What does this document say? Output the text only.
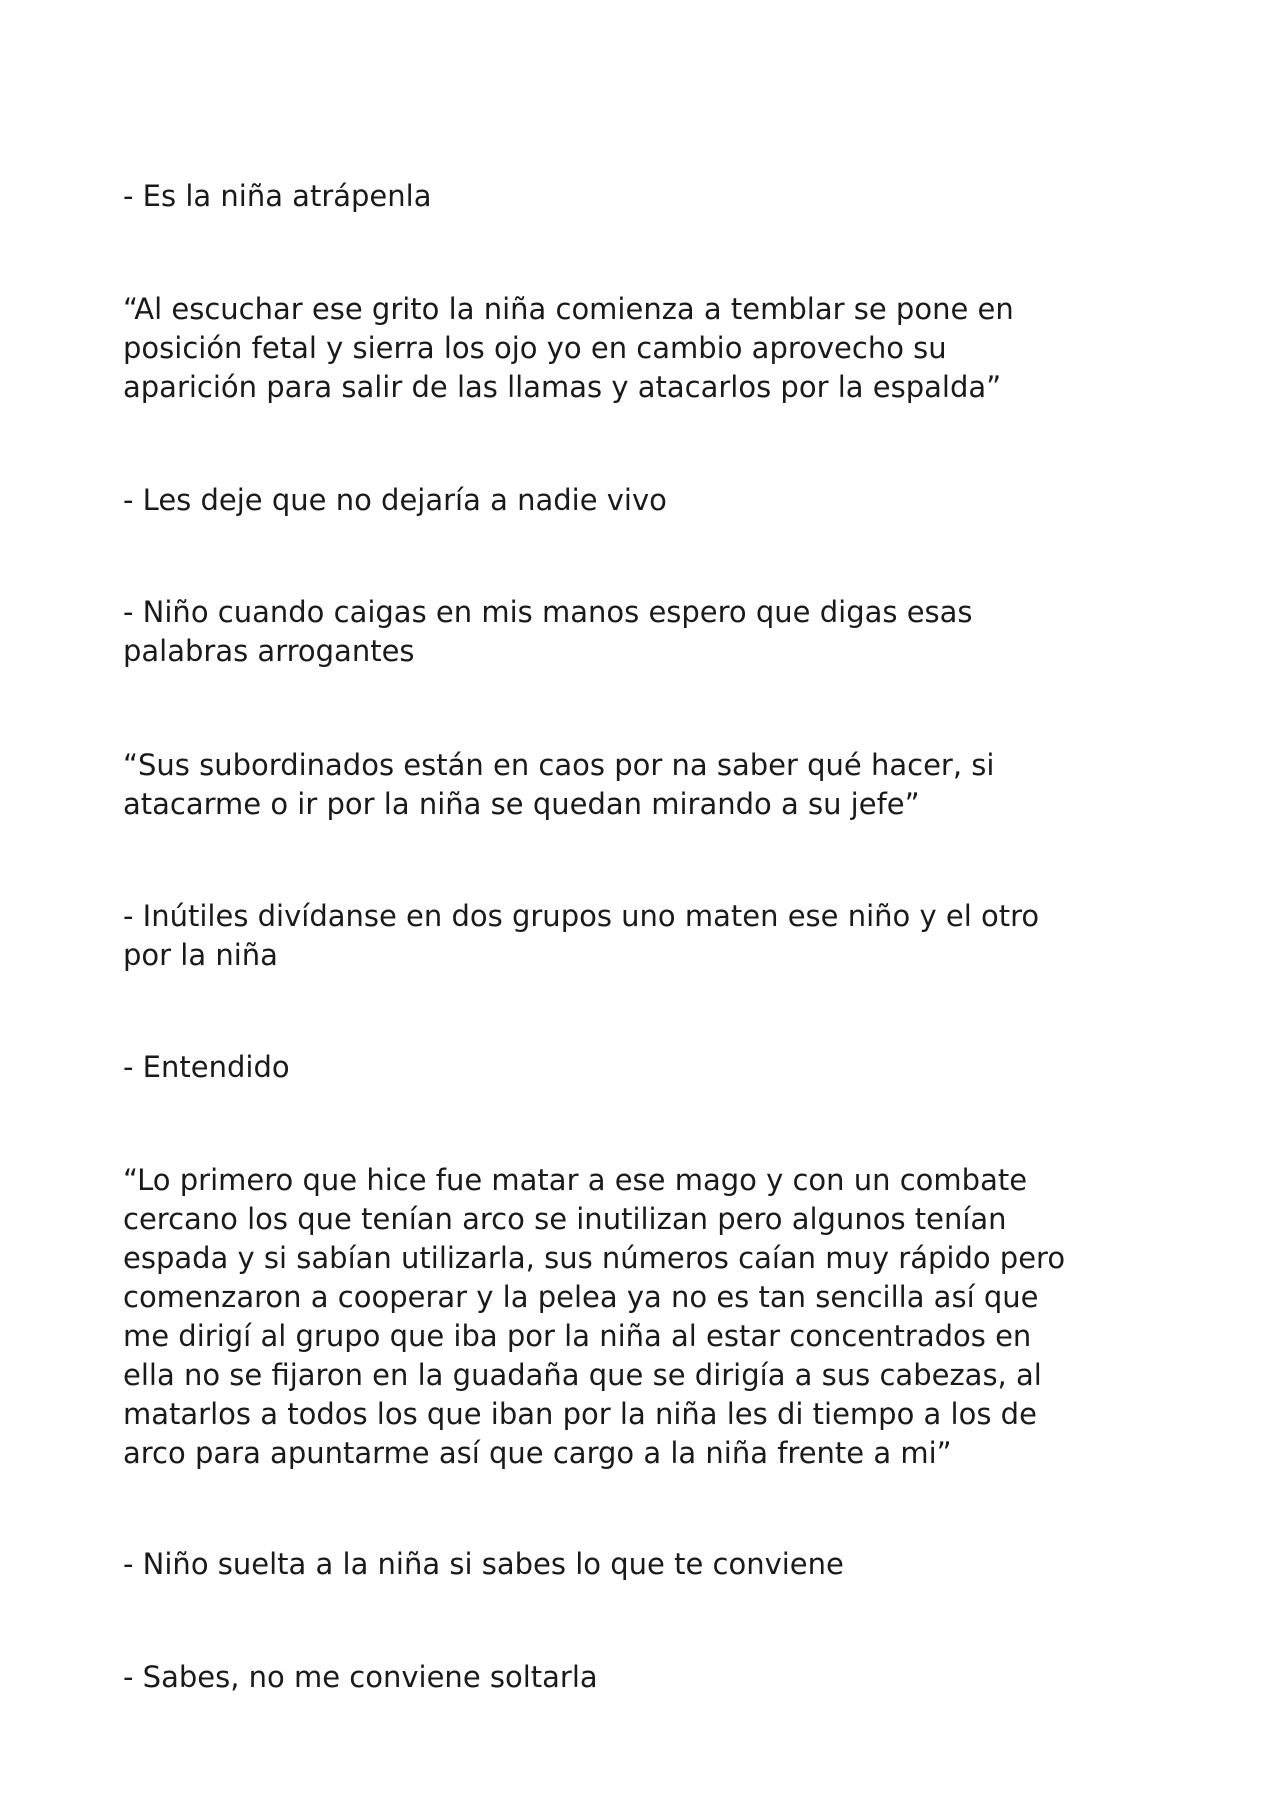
- Es la niña atrápenla

“Al escuchar ese grito la niña comienza a temblar se pone en
posición fetal y sierra los ojo yo en cambio aprovecho su
aparición para salir de las llamas y atacarlos por la espalda”

- Les deje que no dejaría a nadie vivo

- Niño cuando caigas en mis manos espero que digas esas
palabras arrogantes

“Sus subordinados están en caos por na saber qué hacer, si
atacarme o ir por la niña se quedan mirando a su jefe”

- Inútiles divídanse en dos grupos uno maten ese niño y el otro
por la niña

- Entendido

“Lo primero que hice fue matar a ese mago y con un combate
cercano los que tenían arco se inutilizan pero algunos tenían
espada y si sabían utilizarla, sus números caían muy rápido pero
comenzaron a cooperar y la pelea ya no es tan sencilla así que
me dirigí al grupo que iba por la niña al estar concentrados en
ella no se fijaron en la guadaña que se dirigía a sus cabezas, al
matarlos a todos los que iban por la niña les di tiempo a los de
arco para apuntarme así que cargo a la niña frente a mi”

- Niño suelta a la niña si sabes lo que te conviene

- Sabes, no me conviene soltarla
